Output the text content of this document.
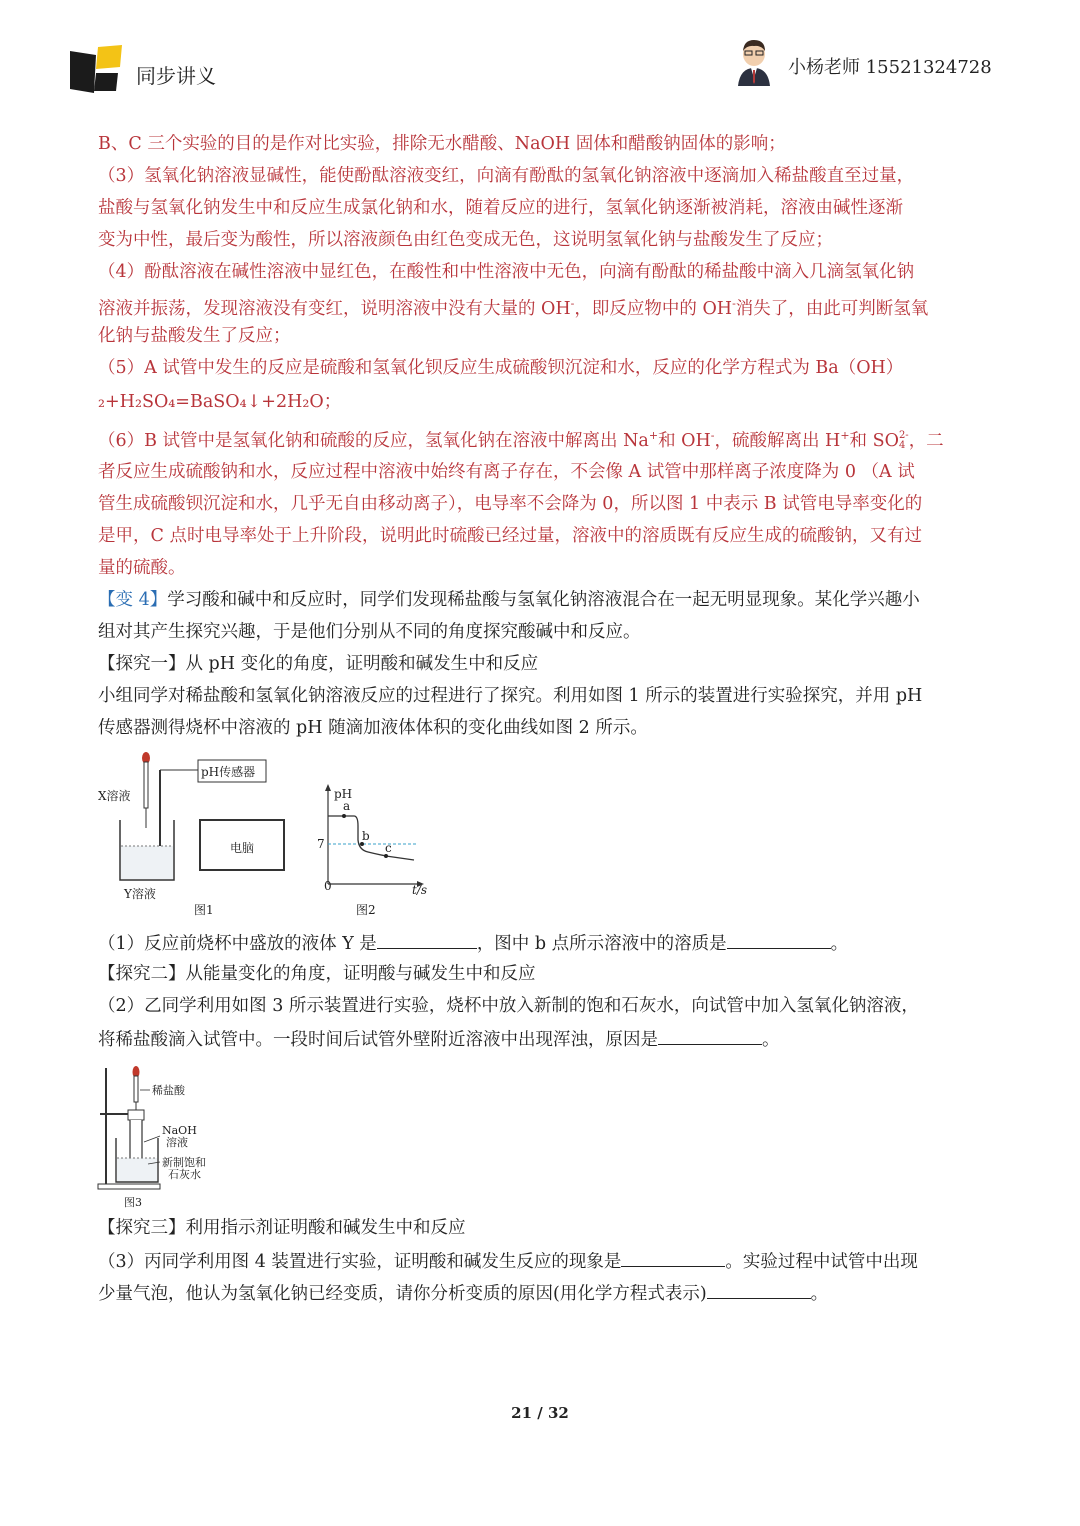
同步讲义	小杨老师 15521324728
B、C 三个实验的目的是作对比实验，排除无水醋酸、NaOH 固体和醋酸钠固体的影响；
（3）氢氧化钠溶液显碱性，能使酚酞溶液变红，向滴有酚酞的氢氧化钠溶液中逐滴加入稀盐酸直至过量，
盐酸与氢氧化钠发生中和反应生成氯化钠和水，随着反应的进行，氢氧化钠逐渐被消耗，溶液由碱性逐渐
变为中性，最后变为酸性，所以溶液颜色由红色变成无色，这说明氢氧化钠与盐酸发生了反应；
（4）酚酞溶液在碱性溶液中显红色，在酸性和中性溶液中无色，向滴有酚酞的稀盐酸中滴入几滴氢氧化钠
溶液并振荡，发现溶液没有变红，说明溶液中没有大量的 OH-，即反应物中的 OH-消失了，由此可判断氢氧
化钠与盐酸发生了反应；
（5）A 试管中发生的反应是硫酸和氢氧化钡反应生成硫酸钡沉淀和水，反应的化学方程式为 Ba（OH）
₂+H₂SO₄=BaSO₄↓+2H₂O；
（6）B 试管中是氢氧化钠和硫酸的反应，氢氧化钠在溶液中解离出 Na+和 OH-，硫酸解离出 H+和 SO 2-
4 ，二
者反应生成硫酸钠和水，反应过程中溶液中始终有离子存在，不会像 A 试管中那样离子浓度降为 0 （A 试
管生成硫酸钡沉淀和水，几乎无自由移动离子），电导率不会降为 0，所以图 1 中表示 B 试管电导率变化的
是甲，C 点时电导率处于上升阶段，说明此时硫酸已经过量，溶液中的溶质既有反应生成的硫酸钠，又有过
量的硫酸。
【变 4】学习酸和碱中和反应时，同学们发现稀盐酸与氢氧化钠溶液混合在一起无明显现象。某化学兴趣小
组对其产生探究兴趣，于是他们分别从不同的角度探究酸碱中和反应。
【探究一】从 pH 变化的角度，证明酸和碱发生中和反应
小组同学对稀盐酸和氢氧化钠溶液反应的过程进行了探究。利用如图 1 所示的装置进行实验探究，并用 pH
传感器测得烧杯中溶液的 pH 随滴加液体体积的变化曲线如图 2 所示。
（1）反应前烧杯中盛放的液体 Y 是	，图中 b 点所示溶液中的溶质是	。
【探究二】从能量变化的角度，证明酸与碱发生中和反应
（2）乙同学利用如图 3 所示装置进行实验，烧杯中放入新制的饱和石灰水，向试管中加入氢氧化钠溶液，
将稀盐酸滴入试管中。一段时间后试管外壁附近溶液中出现浑浊，原因是	。
【探究三】利用指示剂证明酸和碱发生中和反应
（3）丙同学利用图 4 装置进行实验，证明酸和碱发生反应的现象是	。实验过程中试管中出现
少量气泡，他认为氢氧化钠已经变质，请你分析变质的原因(用化学方程式表示)	。
X溶液
pH传感器
Y溶液
电脑
图1
pH
t/s
0
7
a
b
c
图2
稀盐酸
NaOH
溶液
新制饱和
石灰水
图3
21 / 32
